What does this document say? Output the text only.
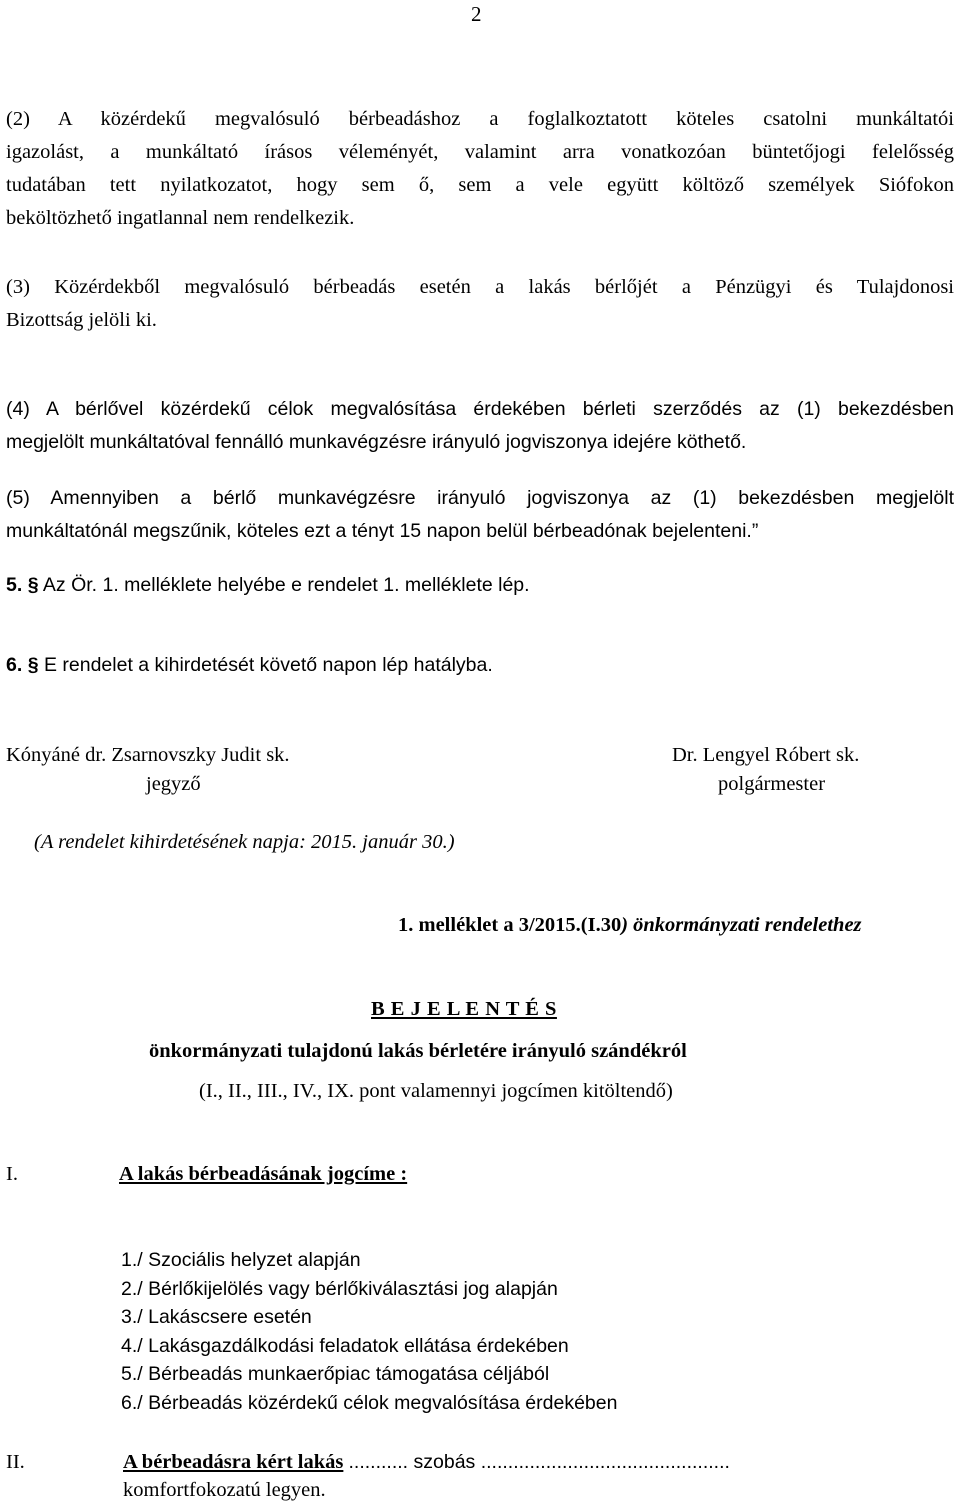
2
(2) A közérdekű megvalósuló bérbeadáshoz a foglalkoztatott köteles csatolni munkáltatói
igazolást, a munkáltató írásos véleményét, valamint arra vonatkozóan büntetőjogi felelősség
tudatában tett nyilatkozatot, hogy sem ő, sem a vele együtt költöző személyek Siófokon
beköltözhető ingatlannal nem rendelkezik.
(3) Közérdekből megvalósuló bérbeadás esetén a lakás bérlőjét a Pénzügyi és Tulajdonosi
Bizottság jelöli ki.
(4) A bérlővel közérdekű célok megvalósítása érdekében bérleti szerződés az (1) bekezdésben
megjelölt munkáltatóval fennálló munkavégzésre irányuló jogviszonya idejére köthető.
(5) Amennyiben a bérlő munkavégzésre irányuló jogviszonya az (1) bekezdésben megjelölt
munkáltatónál megszűnik, köteles ezt a tényt 15 napon belül bérbeadónak bejelenteni.”
5. § Az Ör. 1. melléklete helyébe e rendelet 1. melléklete lép.
6. § E rendelet a kihirdetését követő napon lép hatályba.
Kónyáné dr. Zsarnovszky Judit sk.
jegyző
Dr. Lengyel Róbert sk.
polgármester
(A rendelet kihirdetésének napja: 2015. január 30.)
1. melléklet a 3/2015.(I.30) önkormányzati rendelethez
B E J E L E N T É S
önkormányzati tulajdonú lakás bérletére irányuló szándékról
(I., II., III., IV., IX. pont valamennyi jogcímen kitöltendő)
I.	A lakás bérbeadásának jogcíme :
1./ Szociális helyzet alapján
2./ Bérlőkijelölés vagy bérlőkiválasztási jog alapján
3./ Lakáscsere esetén
4./ Lakásgazdálkodási feladatok ellátása érdekében
5./ Bérbeadás munkaerőpiac támogatása céljából
6./ Bérbeadás közérdekű célok megvalósítása érdekében
II.	A bérbeadásra kért lakás ........... szobás ..............................................
komfortfokozatú legyen.
